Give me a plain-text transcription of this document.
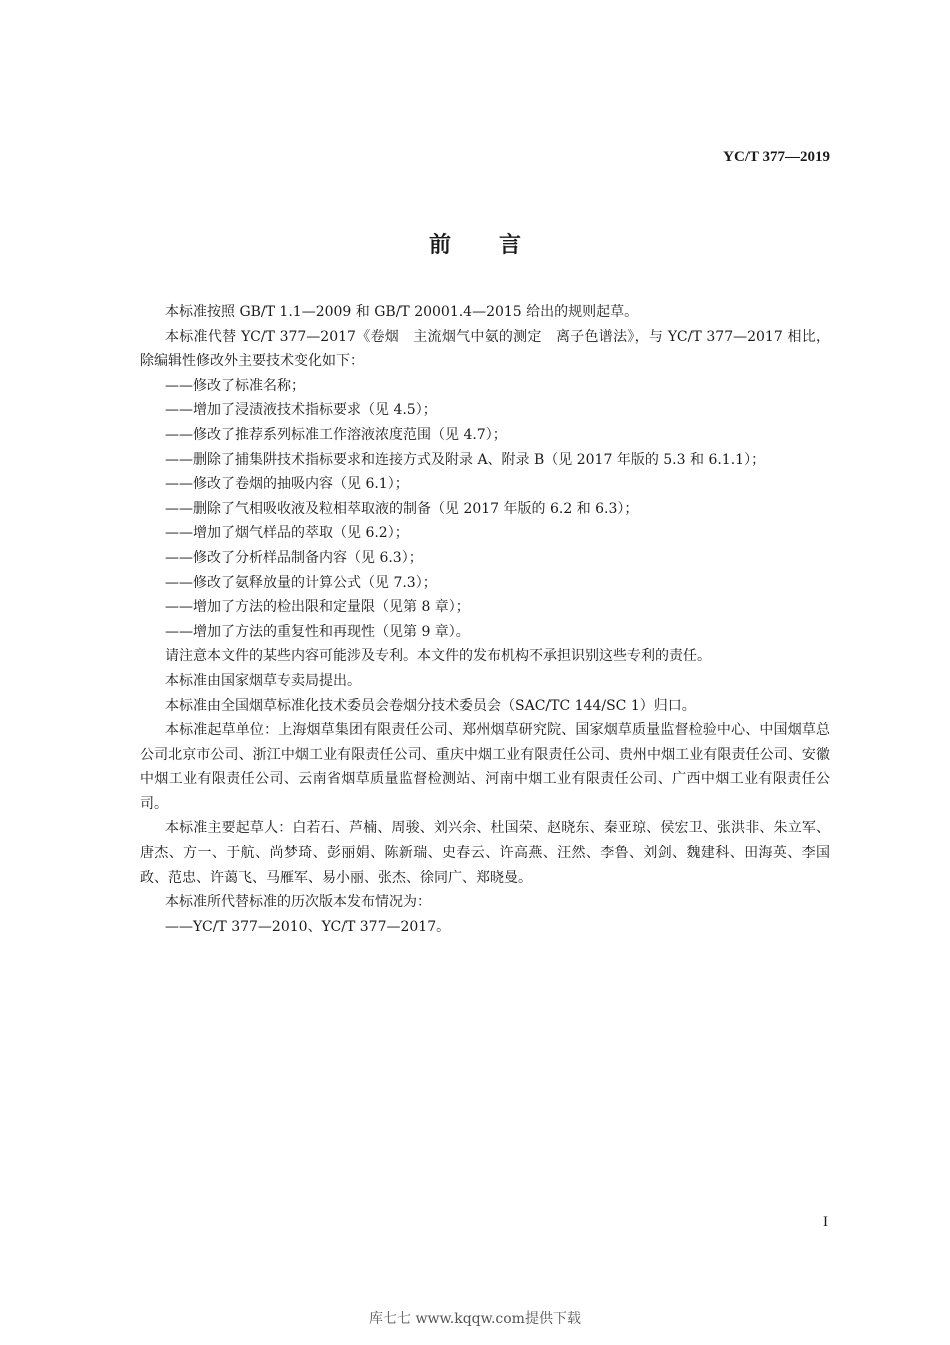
YC/T 377—2019
前言

本标准按照 GB/T 1.1—2009 和 GB/T 20001.4—2015 给出的规则起草。

本标准代替 YC/T 377—2017《卷烟　主流烟气中氨的测定　离子色谱法》，与 YC/T 377—2017 相比，除编辑性修改外主要技术变化如下：

——修改了标准名称；

——增加了浸渍液技术指标要求（见 4.5）；

——修改了推荐系列标准工作溶液浓度范围（见 4.7）；

——删除了捕集阱技术指标要求和连接方式及附录 A、附录 B（见 2017 年版的 5.3 和 6.1.1）；

——修改了卷烟的抽吸内容（见 6.1）；

——删除了气相吸收液及粒相萃取液的制备（见 2017 年版的 6.2 和 6.3）；

——增加了烟气样品的萃取（见 6.2）；

——修改了分析样品制备内容（见 6.3）；

——修改了氨释放量的计算公式（见 7.3）；

——增加了方法的检出限和定量限（见第 8 章）；

——增加了方法的重复性和再现性（见第 9 章）。

请注意本文件的某些内容可能涉及专利。本文件的发布机构不承担识别这些专利的责任。

本标准由国家烟草专卖局提出。

本标准由全国烟草标准化技术委员会卷烟分技术委员会（SAC/TC 144/SC 1）归口。

本标准起草单位：上海烟草集团有限责任公司、郑州烟草研究院、国家烟草质量监督检验中心、中国烟草总公司北京市公司、浙江中烟工业有限责任公司、重庆中烟工业有限责任公司、贵州中烟工业有限责任公司、安徽中烟工业有限责任公司、云南省烟草质量监督检测站、河南中烟工业有限责任公司、广西中烟工业有限责任公司。

本标准主要起草人：白若石、芦楠、周骏、刘兴余、杜国荣、赵晓东、秦亚琼、侯宏卫、张洪非、朱立军、唐杰、方一、于航、尚梦琦、彭丽娟、陈新瑞、史春云、许高燕、汪然、李鲁、刘剑、魏建科、田海英、李国政、范忠、许蔼飞、马雁军、易小丽、张杰、徐同广、郑晓曼。

本标准所代替标准的历次版本发布情况为：

——YC/T 377—2010、YC/T 377—2017。

I
库七七 www.kqqw.com提供下载
